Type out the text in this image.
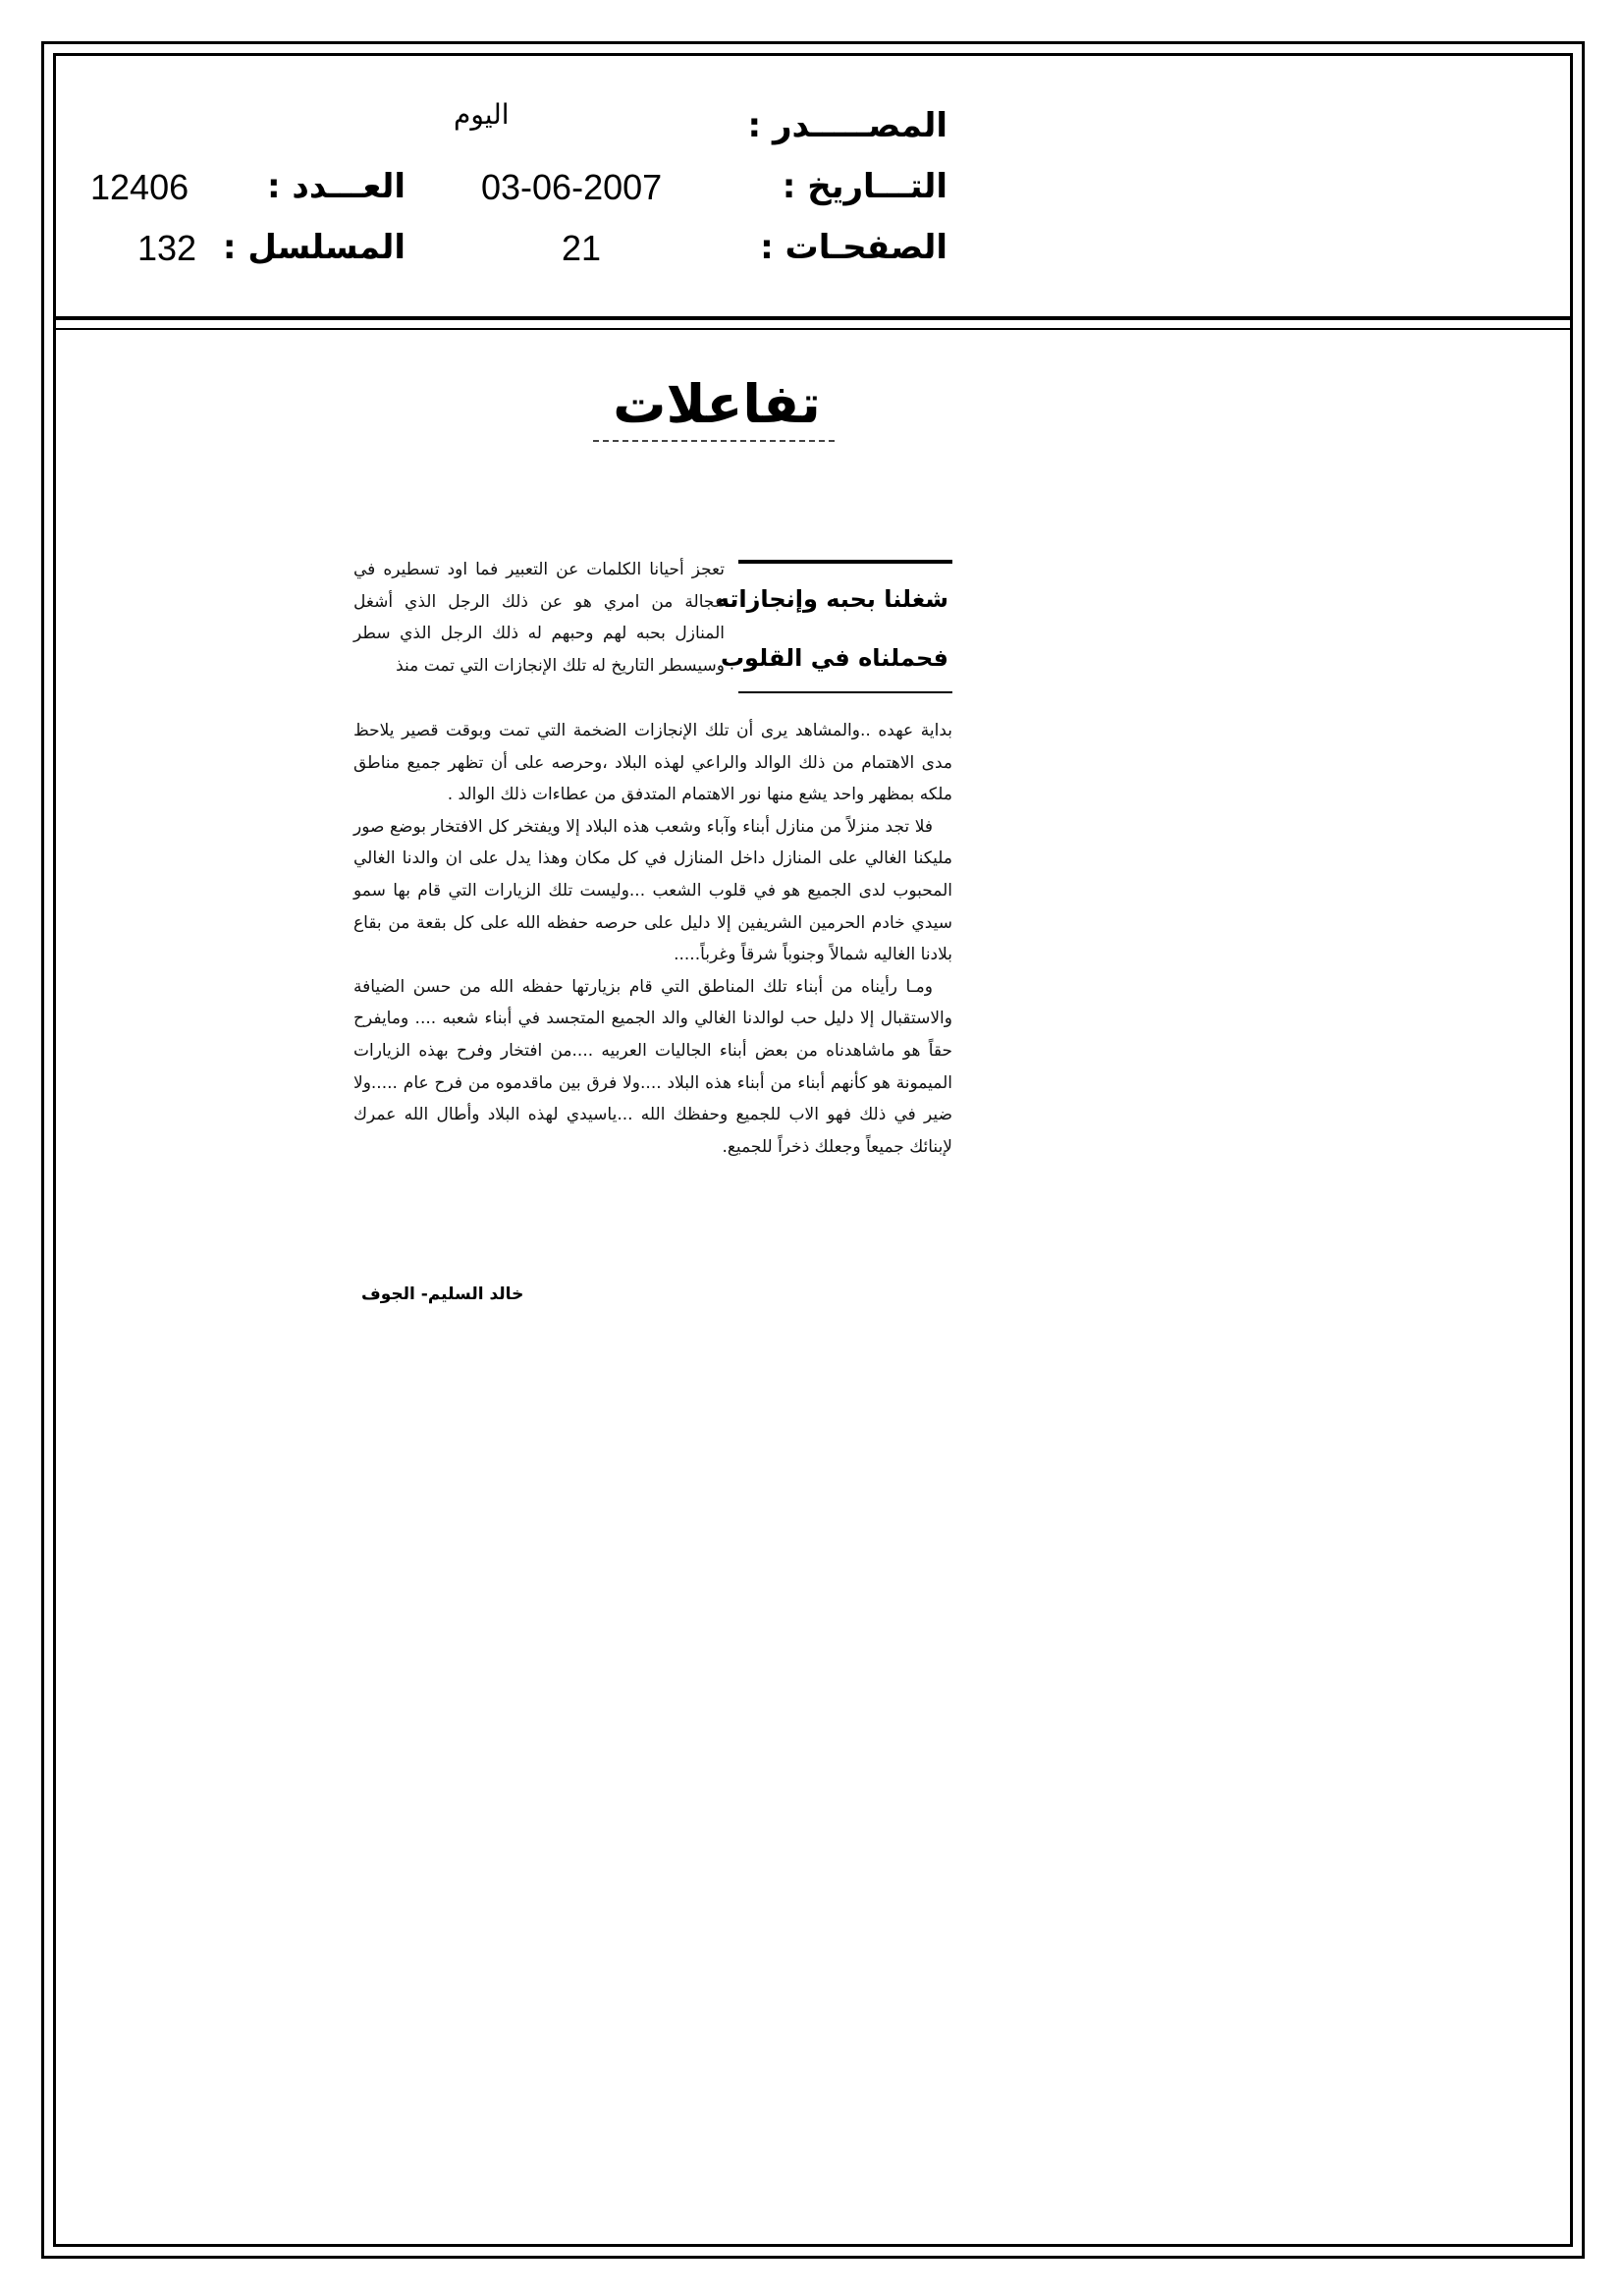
المصـــــدر :
اليوم
التـــاريخ :
03-06-2007
العـــدد :
12406
الصفحـات :
21
المسلسل :
132
تفاعلات
شغلنا بحبه وإنجازاته
فحملناه في القلوب
تعجز أحيانا الكلمات عن التعبير فما اود تسطيره في عجالة من امري هو عن ذلك الرجل الذي أشغل المنازل بحبه لهم وحبهم له ذلك الرجل الذي سطر وسيسطر التاريخ له تلك الإنجازات التي تمت منذ
بداية عهده ..والمشاهد يرى أن تلك الإنجازات الضخمة التي تمت وبوقت قصير يلاحظ مدى الاهتمام من ذلك الوالد والراعي لهذه البلاد ،وحرصه على أن تظهر جميع مناطق ملكه بمظهر واحد يشع منها نور الاهتمام المتدفق من عطاءات ذلك الوالد .
فلا تجد منزلاً من منازل أبناء وآباء وشعب هذه البلاد إلا ويفتخر كل الافتخار بوضع صور مليكنا الغالي على المنازل داخل المنازل في كل مكان وهذا يدل على ان والدنا الغالي المحبوب لدى الجميع هو في قلوب الشعب ...وليست تلك الزيارات التي قام بها سمو سيدي خادم الحرمين الشريفين إلا دليل على حرصه حفظه الله على كل بقعة من بقاع بلادنا الغاليه شمالاً وجنوباً شرقاً وغرباً.....
ومـا رأيناه من أبناء تلك المناطق التي قام بزيارتها حفظه الله من حسن الضيافة والاستقبال إلا دليل حب لوالدنا الغالي والد الجميع المتجسد في أبناء شعبه .... ومايفرح حقاً هو ماشاهدناه من بعض أبناء الجاليات العربيه ....من افتخار وفرح بهذه الزيارات الميمونة هو كأنهم أبناء من أبناء هذه البلاد ....ولا فرق بين ماقدموه من فرح عام .....ولا ضير في ذلك فهو الاب للجميع وحفظك الله ...ياسيدي لهذه البلاد وأطال الله عمرك لإبنائك جميعاً وجعلك ذخراً للجميع.
خالد السليم- الجوف
